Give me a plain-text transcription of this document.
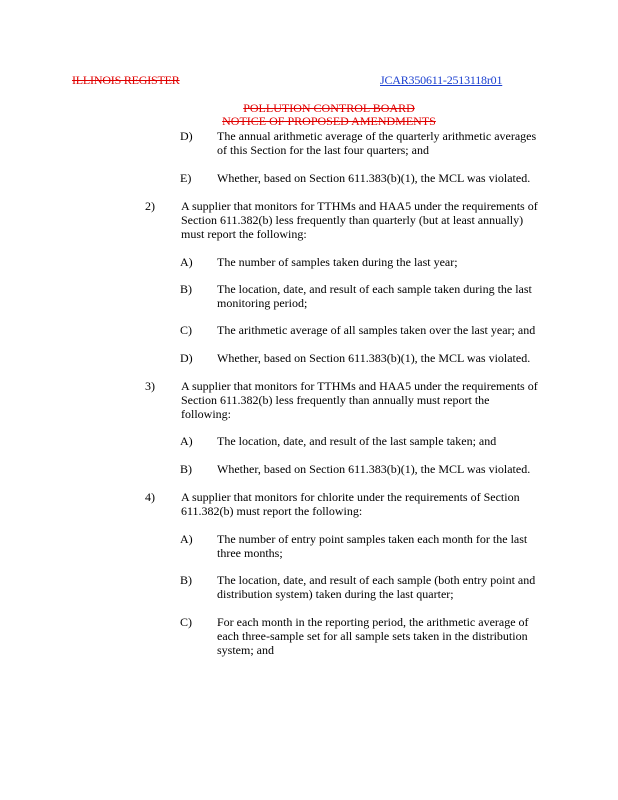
ILLINOIS REGISTER	JCAR350611-2513118r01
POLLUTION CONTROL BOARD
NOTICE OF PROPOSED AMENDMENTS
D) The annual arithmetic average of the quarterly arithmetic averages
of this Section for the last four quarters; and
E) Whether, based on Section 611.383(b)(1), the MCL was violated.
2) A supplier that monitors for TTHMs and HAA5 under the requirements of
Section 611.382(b) less frequently than quarterly (but at least annually)
must report the following:
A) The number of samples taken during the last year;
B) The location, date, and result of each sample taken during the last
monitoring period;
C) The arithmetic average of all samples taken over the last year; and
D) Whether, based on Section 611.383(b)(1), the MCL was violated.
3) A supplier that monitors for TTHMs and HAA5 under the requirements of
Section 611.382(b) less frequently than annually must report the
following:
A) The location, date, and result of the last sample taken; and
B) Whether, based on Section 611.383(b)(1), the MCL was violated.
4) A supplier that monitors for chlorite under the requirements of Section
611.382(b) must report the following:
A) The number of entry point samples taken each month for the last
three months;
B) The location, date, and result of each sample (both entry point and
distribution system) taken during the last quarter;
C) For each month in the reporting period, the arithmetic average of
each three-sample set for all sample sets taken in the distribution
system; and
